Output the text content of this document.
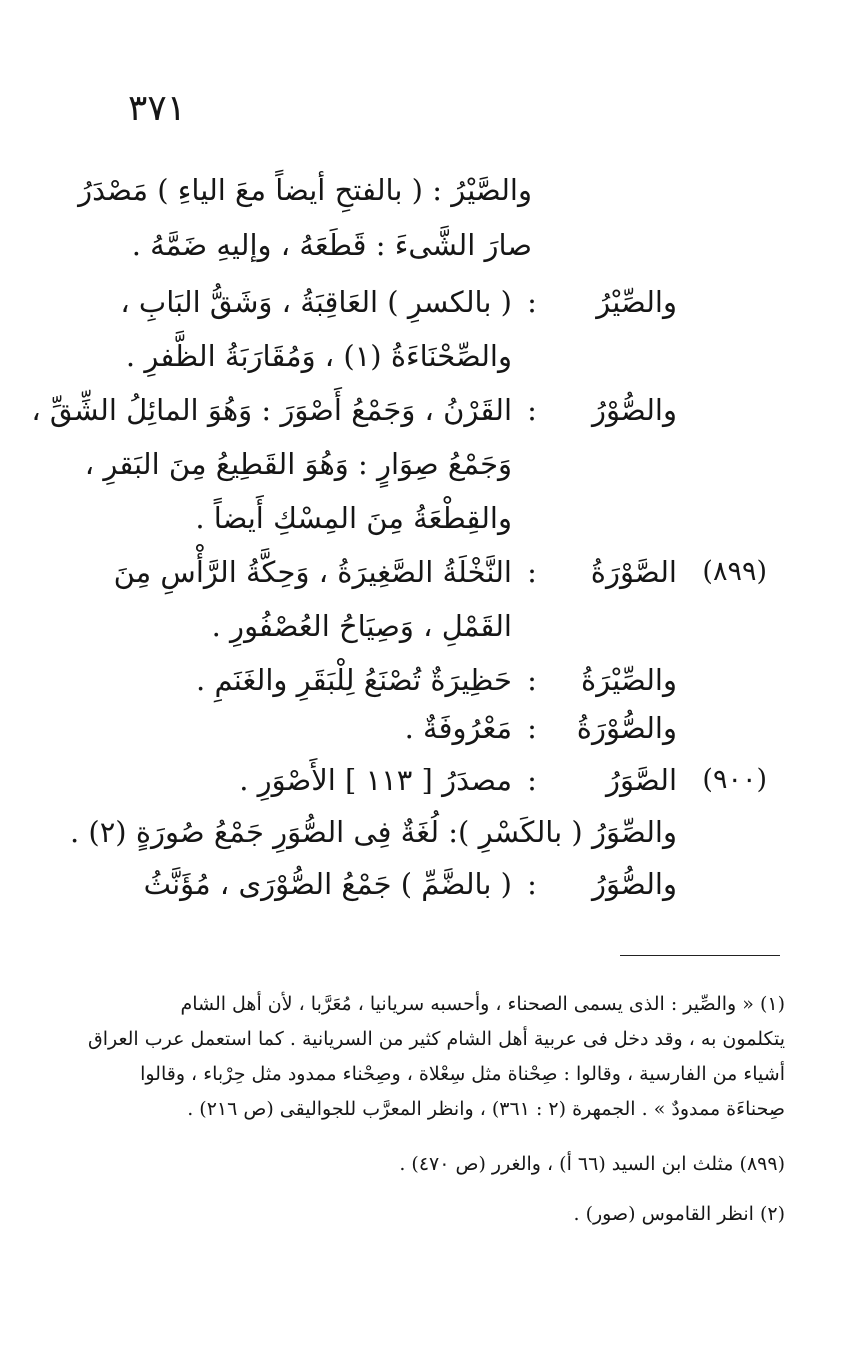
٣٧١
والصَّيْرُ : ( بالفتحِ أيضاً معَ الياءِ ) مَصْدَرُ
صارَ الشَّىءَ : قَطَعَهُ ، وإليهِ ضَمَّهُ .
والصِّيْرُ
:
( بالكسرِ ) العَاقِبَةُ ، وَشَقُّ البَابِ ،
والصِّحْنَاءَةُ (١) ، وَمُقَارَبَةُ الظَّفرِ .
والصُّوْرُ
:
القَرْنُ ، وَجَمْعُ أَصْوَرَ : وَهُوَ المائِلُ الشِّقِّ ،
وَجَمْعُ صِوَارٍ : وَهُوَ القَطِيعُ مِنَ البَقرِ ،
والقِطْعَةُ مِنَ المِسْكِ أَيضاً .
(٨٩٩)
الصَّوْرَةُ
:
النَّخْلَةُ الصَّغِيرَةُ ، وَحِكَّةُ الرَّأْسِ مِنَ
القَمْلِ ، وَصِيَاحُ العُصْفُورِ .
والصِّيْرَةُ
:
حَظِيرَةٌ تُصْنَعُ لِلْبَقَرِ والغَنَمِ .
والصُّوْرَةُ
:
مَعْرُوفَةٌ .
(٩٠٠)
الصَّوَرُ
:
مصدَرُ [ ١١٣ ] الأَصْوَرِ .
والصِّوَرُ ( بالكَسْرِ ): لُغَةٌ فِى الصُّوَرِ جَمْعُ صُورَةٍ (٢) .
والصُّوَرُ
:
( بالضَّمِّ ) جَمْعُ الصُّوْرَى ، مُؤَنَّثُ
(١) « والصِّير : الذى يسمى الصحناء ، وأحسبه سريانيا ، مُعَرَّبا ، لأن أهل الشام
يتكلمون به ، وقد دخل فى عربية أهل الشام كثير من السريانية . كما استعمل عرب العراق
أشياء من الفارسية ، وقالوا : صِحْناة مثل سِعْلاة ، وصِحْناء ممدود مثل حِرْباء ، وقالوا
صِحناءَة ممدودٌ » . الجمهرة (٢ : ٣٦١) ، وانظر المعرَّب للجواليقى (ص ٢١٦) .
(٨٩٩) مثلث ابن السيد (٦٦ أ) ، والغرر (ص ٤٧٠) .
(٢) انظر القاموس (صور) .
